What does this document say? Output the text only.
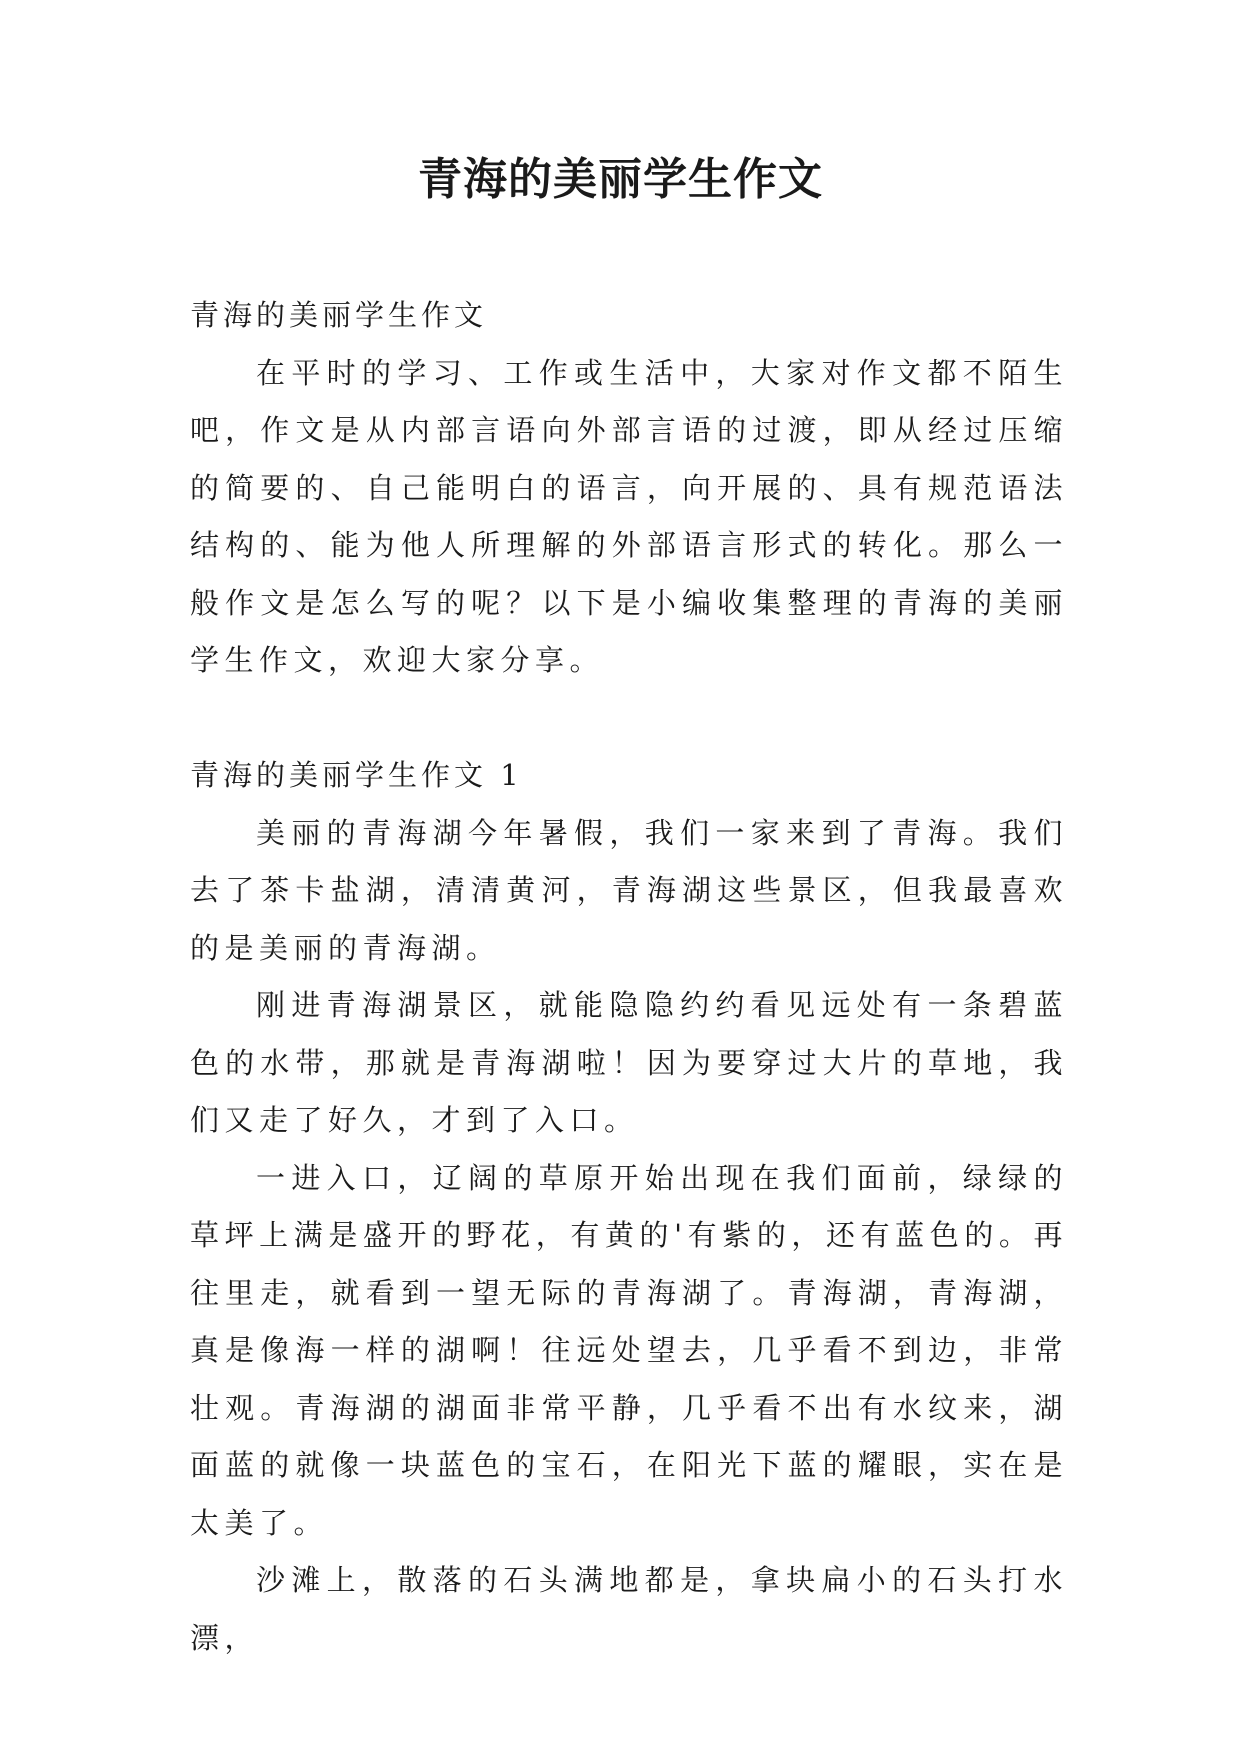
青海的美丽学生作文

青海的美丽学生作文

在平时的学习、工作或生活中，大家对作文都不陌生吧，作文是从内部言语向外部言语的过渡，即从经过压缩的简要的、自己能明白的语言，向开展的、具有规范语法结构的、能为他人所理解的外部语言形式的转化。那么一般作文是怎么写的呢？以下是小编收集整理的青海的美丽学生作文，欢迎大家分享。

青海的美丽学生作文 1

美丽的青海湖今年暑假，我们一家来到了青海。我们去了茶卡盐湖，清清黄河，青海湖这些景区，但我最喜欢的是美丽的青海湖。

刚进青海湖景区，就能隐隐约约看见远处有一条碧蓝色的水带，那就是青海湖啦！因为要穿过大片的草地，我们又走了好久，才到了入口。

一进入口，辽阔的草原开始出现在我们面前，绿绿的草坪上满是盛开的野花，有黄的'有紫的，还有蓝色的。再往里走，就看到一望无际的青海湖了。青海湖，青海湖，真是像海一样的湖啊！往远处望去，几乎看不到边，非常壮观。青海湖的湖面非常平静，几乎看不出有水纹来，湖面蓝的就像一块蓝色的宝石，在阳光下蓝的耀眼，实在是太美了。

沙滩上，散落的石头满地都是，拿块扁小的石头打水漂，
